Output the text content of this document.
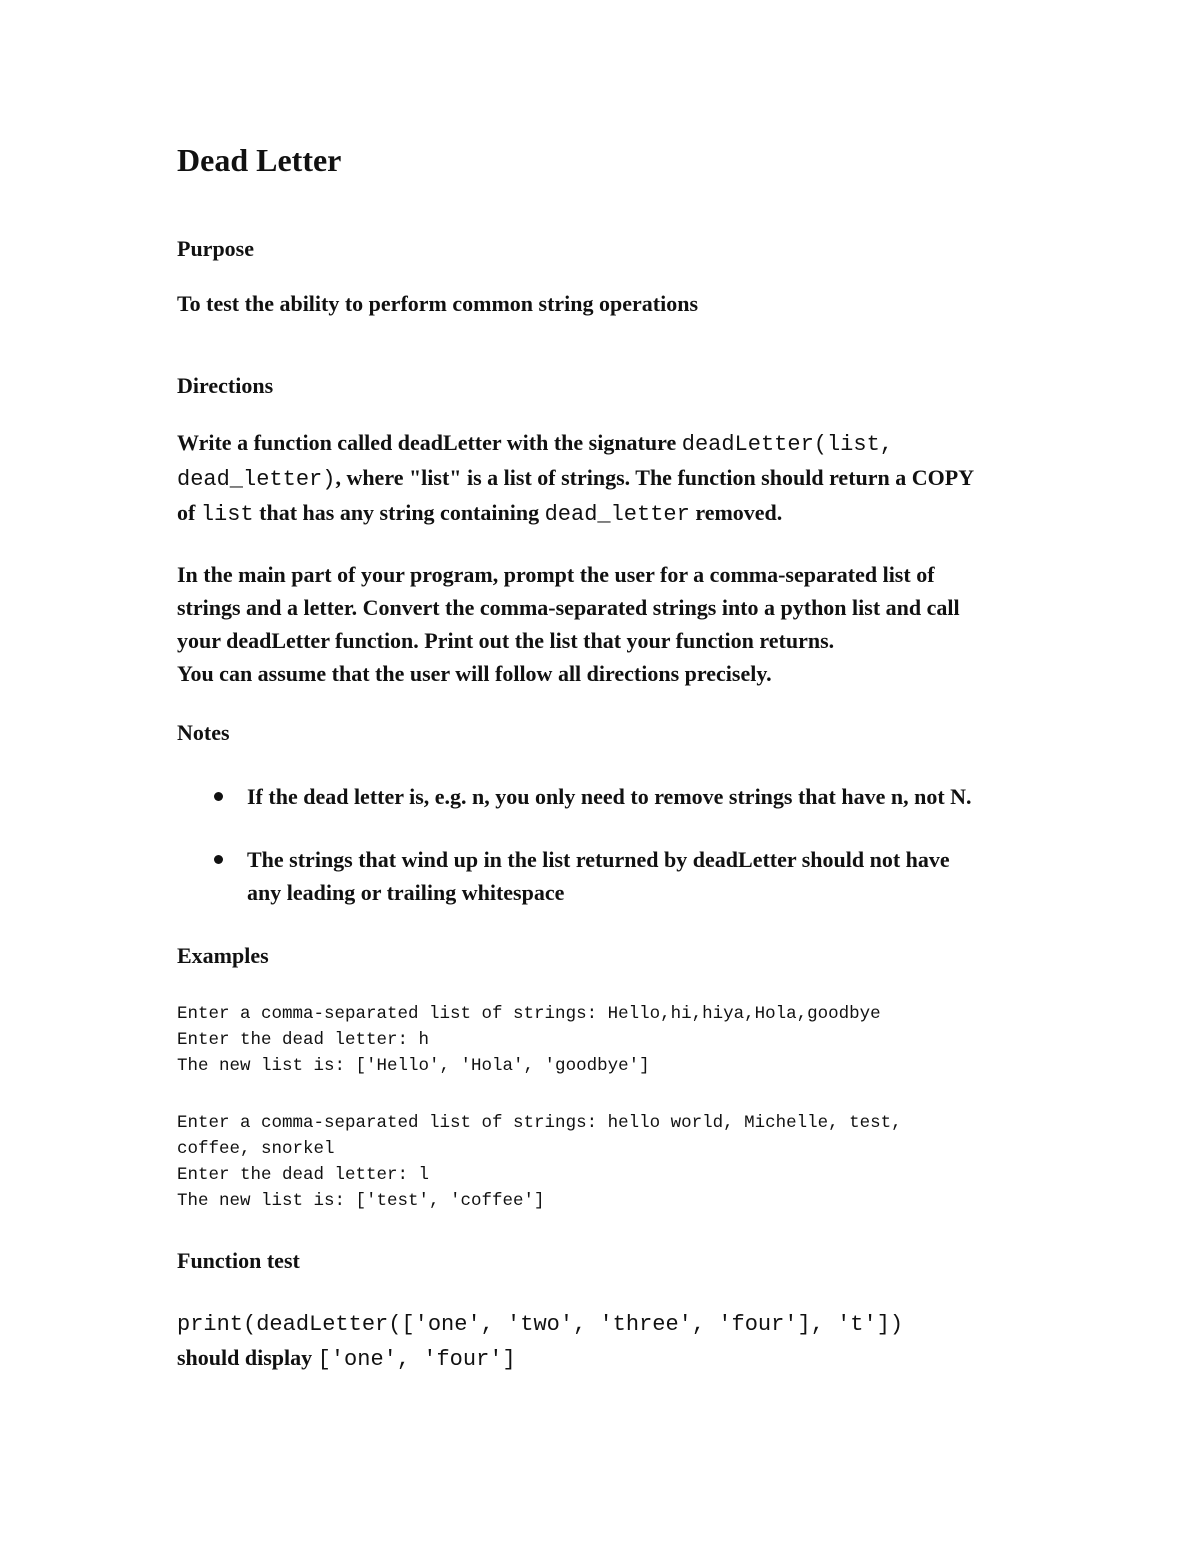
Dead Letter
Purpose
To test the ability to perform common string operations
Directions
Write a function called deadLetter with the signature deadLetter(list,
dead_letter), where "list" is a list of strings. The function should return a COPY
of list that has any string containing dead_letter removed.
In the main part of your program, prompt the user for a comma-separated list of
strings and a letter. Convert the comma-separated strings into a python list and call
your deadLetter function. Print out the list that your function returns.
You can assume that the user will follow all directions precisely.
Notes
If the dead letter is, e.g. n, you only need to remove strings that have n, not N.
The strings that wind up in the list returned by deadLetter should not have
any leading or trailing whitespace
Examples
Enter a comma-separated list of strings: Hello,hi,hiya,Hola,goodbye
Enter the dead letter: h
The new list is: ['Hello', 'Hola', 'goodbye']
Enter a comma-separated list of strings: hello world, Michelle, test,
coffee, snorkel
Enter the dead letter: l
The new list is: ['test', 'coffee']
Function test
print(deadLetter(['one', 'two', 'three', 'four'], 't'])
should display ['one', 'four']
